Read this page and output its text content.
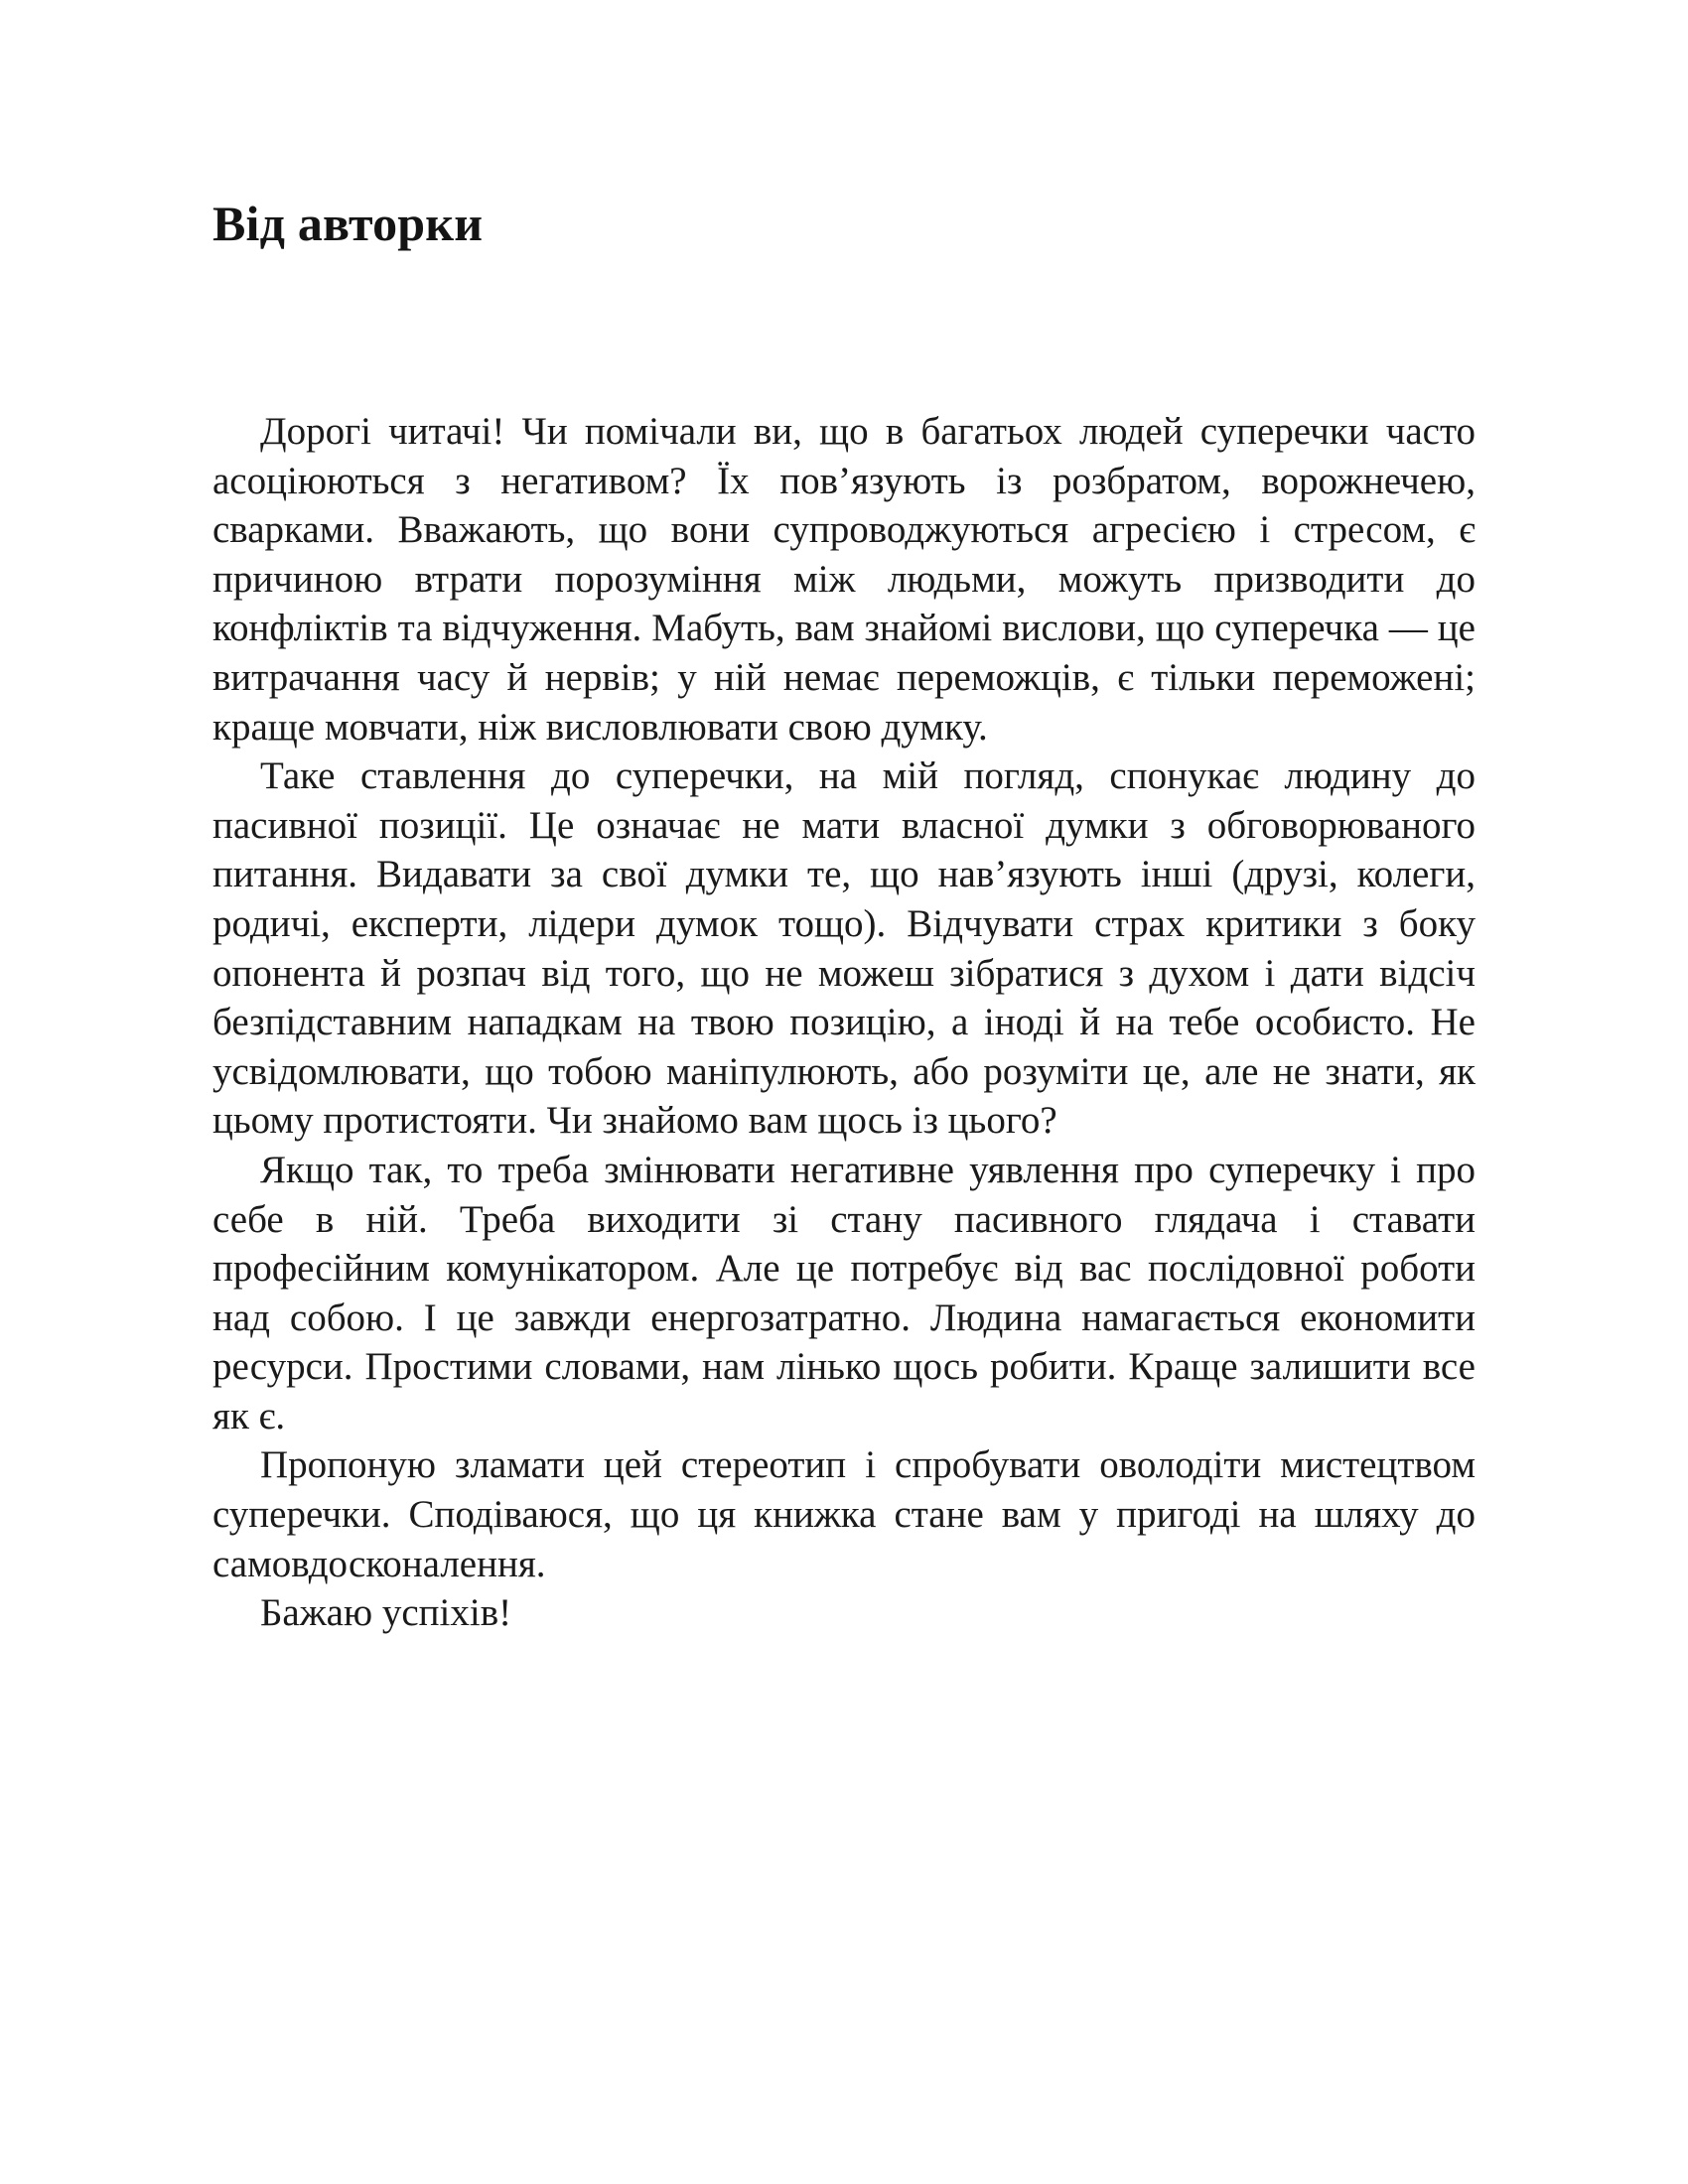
Від авторки

Дорогі читачі! Чи помічали ви, що в багатьох людей суперечки часто асоціюються з негативом? Їх пов’язують із розбратом, ворожнечею, сварками. Вважають, що вони супроводжуються агресією і стресом, є причиною втрати порозуміння між людьми, можуть призводити до конфліктів та відчуження. Мабуть, вам знайомі вислови, що суперечка — це витрачання часу й нервів; у ній немає переможців, є тільки переможені; краще мовчати, ніж висловлювати свою думку.

Таке ставлення до суперечки, на мій погляд, спонукає людину до пасивної позиції. Це означає не мати власної думки з обговорюваного питання. Видавати за свої думки те, що нав’язують інші (друзі, колеги, родичі, експерти, лідери думок тощо). Відчувати страх критики з боку опонента й розпач від того, що не можеш зібратися з духом і дати відсіч безпідставним нападкам на твою позицію, а іноді й на тебе особисто. Не усвідомлювати, що тобою маніпулюють, або розуміти це, але не знати, як цьому протистояти. Чи знайомо вам щось із цього?

Якщо так, то треба змінювати негативне уявлення про суперечку і про себе в ній. Треба виходити зі стану пасивного глядача і ставати професійним комунікатором. Але це потребує від вас послідовної роботи над собою. І це завжди енергозатратно. Людина намагається економити ресурси. Простими словами, нам лінько щось робити. Краще залишити все як є.

Пропоную зламати цей стереотип і спробувати оволодіти мистецтвом суперечки. Сподіваюся, що ця книжка стане вам у пригоді на шляху до самовдосконалення.

Бажаю успіхів!
